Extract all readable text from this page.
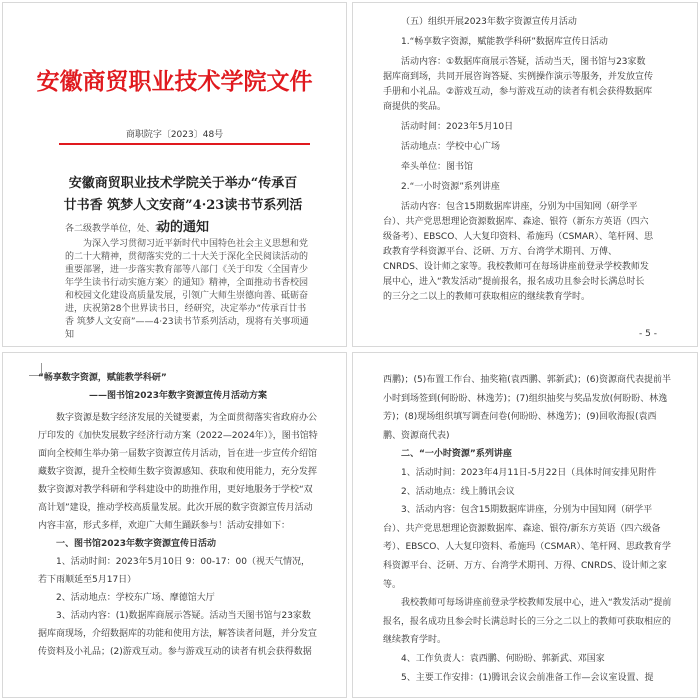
安徽商贸职业技术学院文件
商职院字〔2023〕48号
安徽商贸职业技术学院关于举办“传承百廿书香 筑梦人文安商”4·23读书节系列活动的通知

各二级教学单位，处、室：

为深入学习贯彻习近平新时代中国特色社会主义思想和党的二十大精神，贯彻落实党的二十大关于深化全民阅读活动的重要部署，进一步落实教育部等八部门《关于印发〈全国青少年学生读书行动实施方案〉的通知》精神，全面推动书香校园和校园文化建设高质量发展，引领广大师生崇德向善、砥砺奋进，庆祝第28个世界读书日，经研究，决定举办“传承百廿书香 筑梦人文安商”——4·23读书节系列活动，现将有关事项通知

（五）组织开展2023年数字资源宣传月活动

1.“畅享数字资源，赋能教学科研”数据库宣传日活动

活动内容：①数据库商展示答疑，活动当天，图书馆与23家数据库商到场，共同开展咨询答疑、实例操作演示等服务，并发放宣传手册和小礼品。②游戏互动，参与游戏互动的读者有机会获得数据库商提供的奖品。

活动时间：2023年5月10日

活动地点：学校中心广场

牵头单位：图书馆

2.“一小时资源”系列讲座

活动内容：包含15期数据库讲座，分别为中国知网（研学平台）、共产党思想理论资源数据库、森途、银符（新东方英语（四六级备考）、EBSCO、人大复印资料、希施玛（CSMAR）、笔杆网、思政教育学科资源平台、泛研、万方、台湾学术期刊、万傅、CNRDS、设计师之家等。我校教师可在每场讲座前登录学校教师发展中心，进入“教发活动”提前报名，报名成功且参会时长满总时长的三分之二以上的教师可获取相应的继续教育学时。

- 5 -

“畅享数字资源，赋能教学科研”

——图书馆2023年数字资源宣传月活动方案

数字资源是数字经济发展的关键要素，为全面贯彻落实省政府办公厅印发的《加快发展数字经济行动方案（2022—2024年）》，图书馆特面向全校师生举办第一届数字资源宣传月活动，旨在进一步宣传介绍馆藏数字资源，提升全校师生数字资源感知、获取和使用能力，充分发挥数字资源对教学科研和学科建设中的助推作用，更好地服务于学校“双高计划”建设，推动学校高质量发展。此次开展的数字资源宣传月活动内容丰富，形式多样，欢迎广大师生踊跃参与！活动安排如下：

一、图书馆2023年数字资源宣传日活动

1、活动时间：2023年5月10日 9：00-17：00（视天气情况，若下雨顺延至5月17日）

2、活动地点：学校东广场、摩德馆大厅

3、活动内容：(1)数据库商展示答疑。活动当天图书馆与23家数据库商现场，介绍数据库的功能和使用方法，解答读者问题，并分发宣传资料及小礼品；(2)游戏互动。参与游戏互动的读者有机会获得数据

西鹏)；(5)布置工作台、抽奖箱(袁西鹏、郭新武)；(6)资源商代表提前半小时到场签到(何盼盼、林逸芳)；(7)组织抽奖与奖品发放(何盼盼、林逸芳)；(8)现场组织填写调查问卷(何盼盼、林逸芳)；(9)回收海报(袁西鹏、资源商代表)

二、“一小时资源”系列讲座

1、活动时间：2023年4月11日-5月22日（具体时间安排见附件

2、活动地点：线上腾讯会议

3、活动内容：包含15期数据库讲座，分别为中国知网（研学平台）、共产党思想理论资源数据库、森途、银符/新东方英语（四六级备考）、EBSCO、人大复印资料、希施玛（CSMAR）、笔杆网、思政教育学科资源平台、泛研、万方、台湾学术期刊、万得、CNRDS、设计师之家等。

我校教师可每场讲座前登录学校教师发展中心，进入“教发活动”提前报名，报名成功且参会时长满总时长的三分之二以上的教师可获取相应的继续教育学时。

4、工作负责人：袁西鹏、何盼盼、郭新武、邓国家

5、主要工作安排：(1)腾讯会议会前准备工作—会议室设置、提
